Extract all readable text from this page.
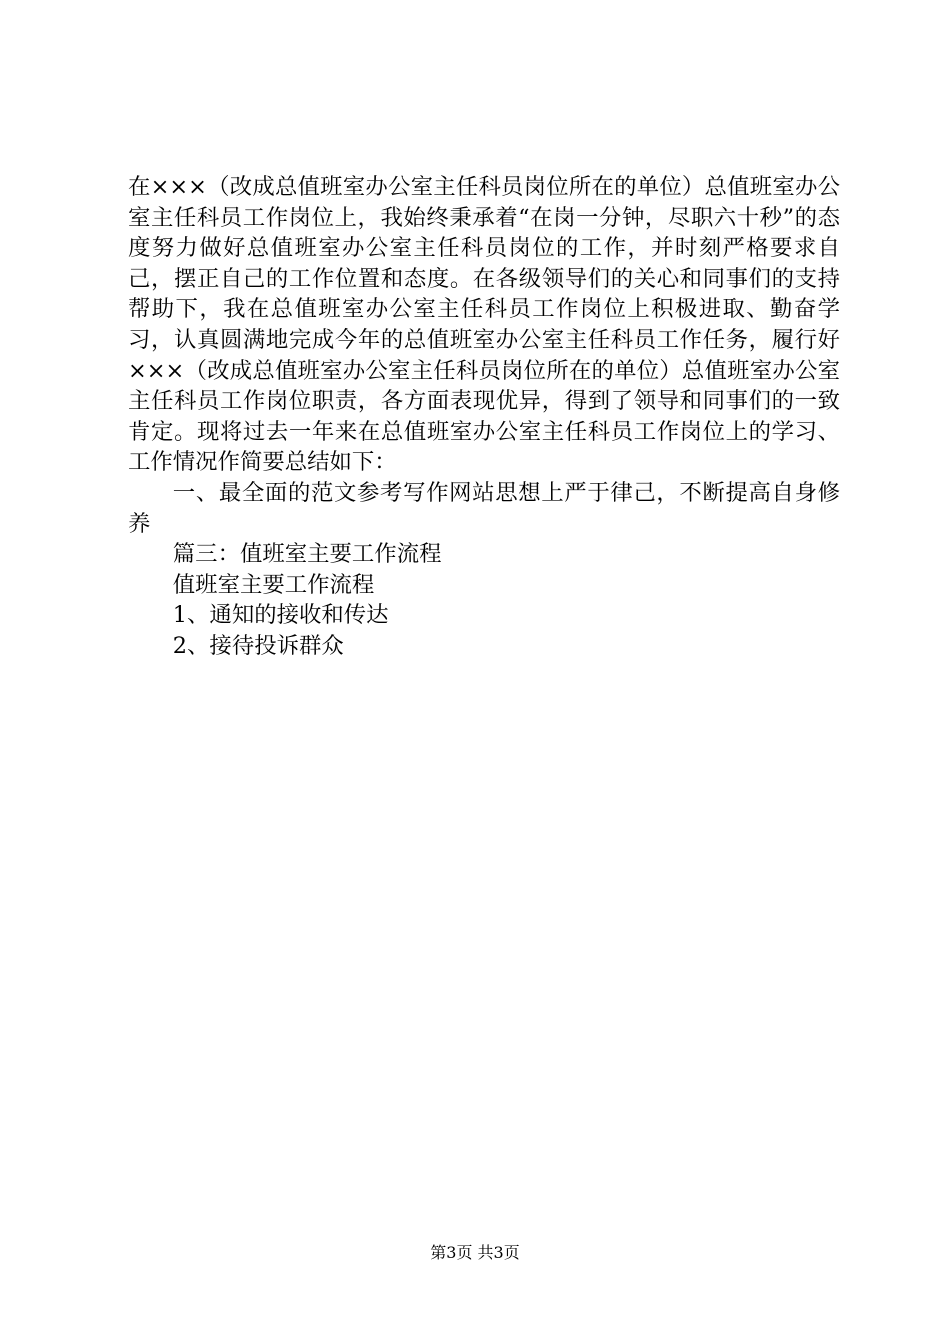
在×××（改成总值班室办公室主任科员岗位所在的单位）总值班室办公室主任科员工作岗位上，我始终秉承着“在岗一分钟，尽职六十秒”的态度努力做好总值班室办公室主任科员岗位的工作，并时刻严格要求自己，摆正自己的工作位置和态度。在各级领导们的关心和同事们的支持帮助下，我在总值班室办公室主任科员工作岗位上积极进取、勤奋学习，认真圆满地完成今年的总值班室办公室主任科员工作任务，履行好×××（改成总值班室办公室主任科员岗位所在的单位）总值班室办公室主任科员工作岗位职责，各方面表现优异，得到了领导和同事们的一致肯定。现将过去一年来在总值班室办公室主任科员工作岗位上的学习、工作情况作简要总结如下：

一、最全面的范文参考写作网站思想上严于律己，不断提高自身修养

篇三：值班室主要工作流程

值班室主要工作流程

1、通知的接收和传达

2、接待投诉群众

第3页 共3页
